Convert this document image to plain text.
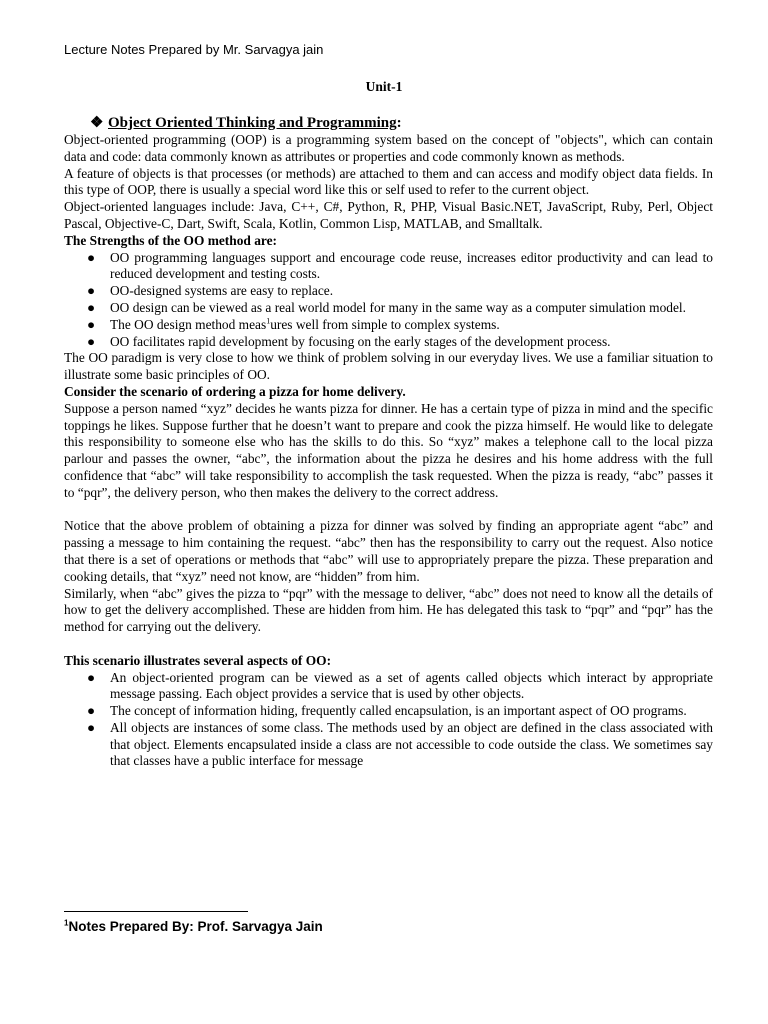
Lecture Notes Prepared by Mr. Sarvagya jain
Unit-1
❖ Object Oriented Thinking and Programming:

Object-oriented programming (OOP) is a programming system based on the concept of "objects", which can contain data and code: data commonly known as attributes or properties and code commonly known as methods.

A feature of objects is that processes (or methods) are attached to them and can access and modify object data fields. In this type of OOP, there is usually a special word like this or self used to refer to the current object.

Object-oriented languages include: Java, C++, C#, Python, R, PHP, Visual Basic.NET, JavaScript, Ruby, Perl, Object Pascal, Objective-C, Dart, Swift, Scala, Kotlin, Common Lisp, MATLAB, and Smalltalk.

The Strengths of the OO method are:

● OO programming languages support and encourage code reuse, increases editor productivity and can lead to reduced development and testing costs.
● OO-designed systems are easy to replace.
● OO design can be viewed as a real world model for many in the same way as a computer simulation model.
● The OO design method meas$^1$ures well from simple to complex systems.
● OO facilitates rapid development by focusing on the early stages of the development process.

The OO paradigm is very close to how we think of problem solving in our everyday lives. We use a familiar situation to illustrate some basic principles of OO.

Consider the scenario of ordering a pizza for home delivery.

Suppose a person named “xyz” decides he wants pizza for dinner. He has a certain type of pizza in mind and the specific toppings he likes. Suppose further that he doesn’t want to prepare and cook the pizza himself. He would like to delegate this responsibility to someone else who has the skills to do this. So “xyz” makes a telephone call to the local pizza parlour and passes the owner, “abc”, the information about the pizza he desires and his home address with the full confidence that “abc” will take responsibility to accomplish the task requested. When the pizza is ready, “abc” passes it to “pqr”, the delivery person, who then makes the delivery to the correct address.

Notice that the above problem of obtaining a pizza for dinner was solved by finding an appropriate agent “abc” and passing a message to him containing the request. “abc” then has the responsibility to carry out the request. Also notice that there is a set of operations or methods that “abc” will use to appropriately prepare the pizza. These preparation and cooking details, that “xyz” need not know, are “hidden” from him.

Similarly, when “abc” gives the pizza to “pqr” with the message to deliver, “abc” does not need to know all the details of how to get the delivery accomplished. These are hidden from him. He has delegated this task to “pqr” and “pqr” has the method for carrying out the delivery.

This scenario illustrates several aspects of OO:

● An object-oriented program can be viewed as a set of agents called objects which interact by appropriate message passing. Each object provides a service that is used by other objects.
● The concept of information hiding, frequently called encapsulation, is an important aspect of OO programs.
● All objects are instances of some class. The methods used by an object are defined in the class associated with that object. Elements encapsulated inside a class are not accessible to code outside the class. We sometimes say that classes have a public interface for message
$^1$Notes Prepared By: Prof. Sarvagya Jain
